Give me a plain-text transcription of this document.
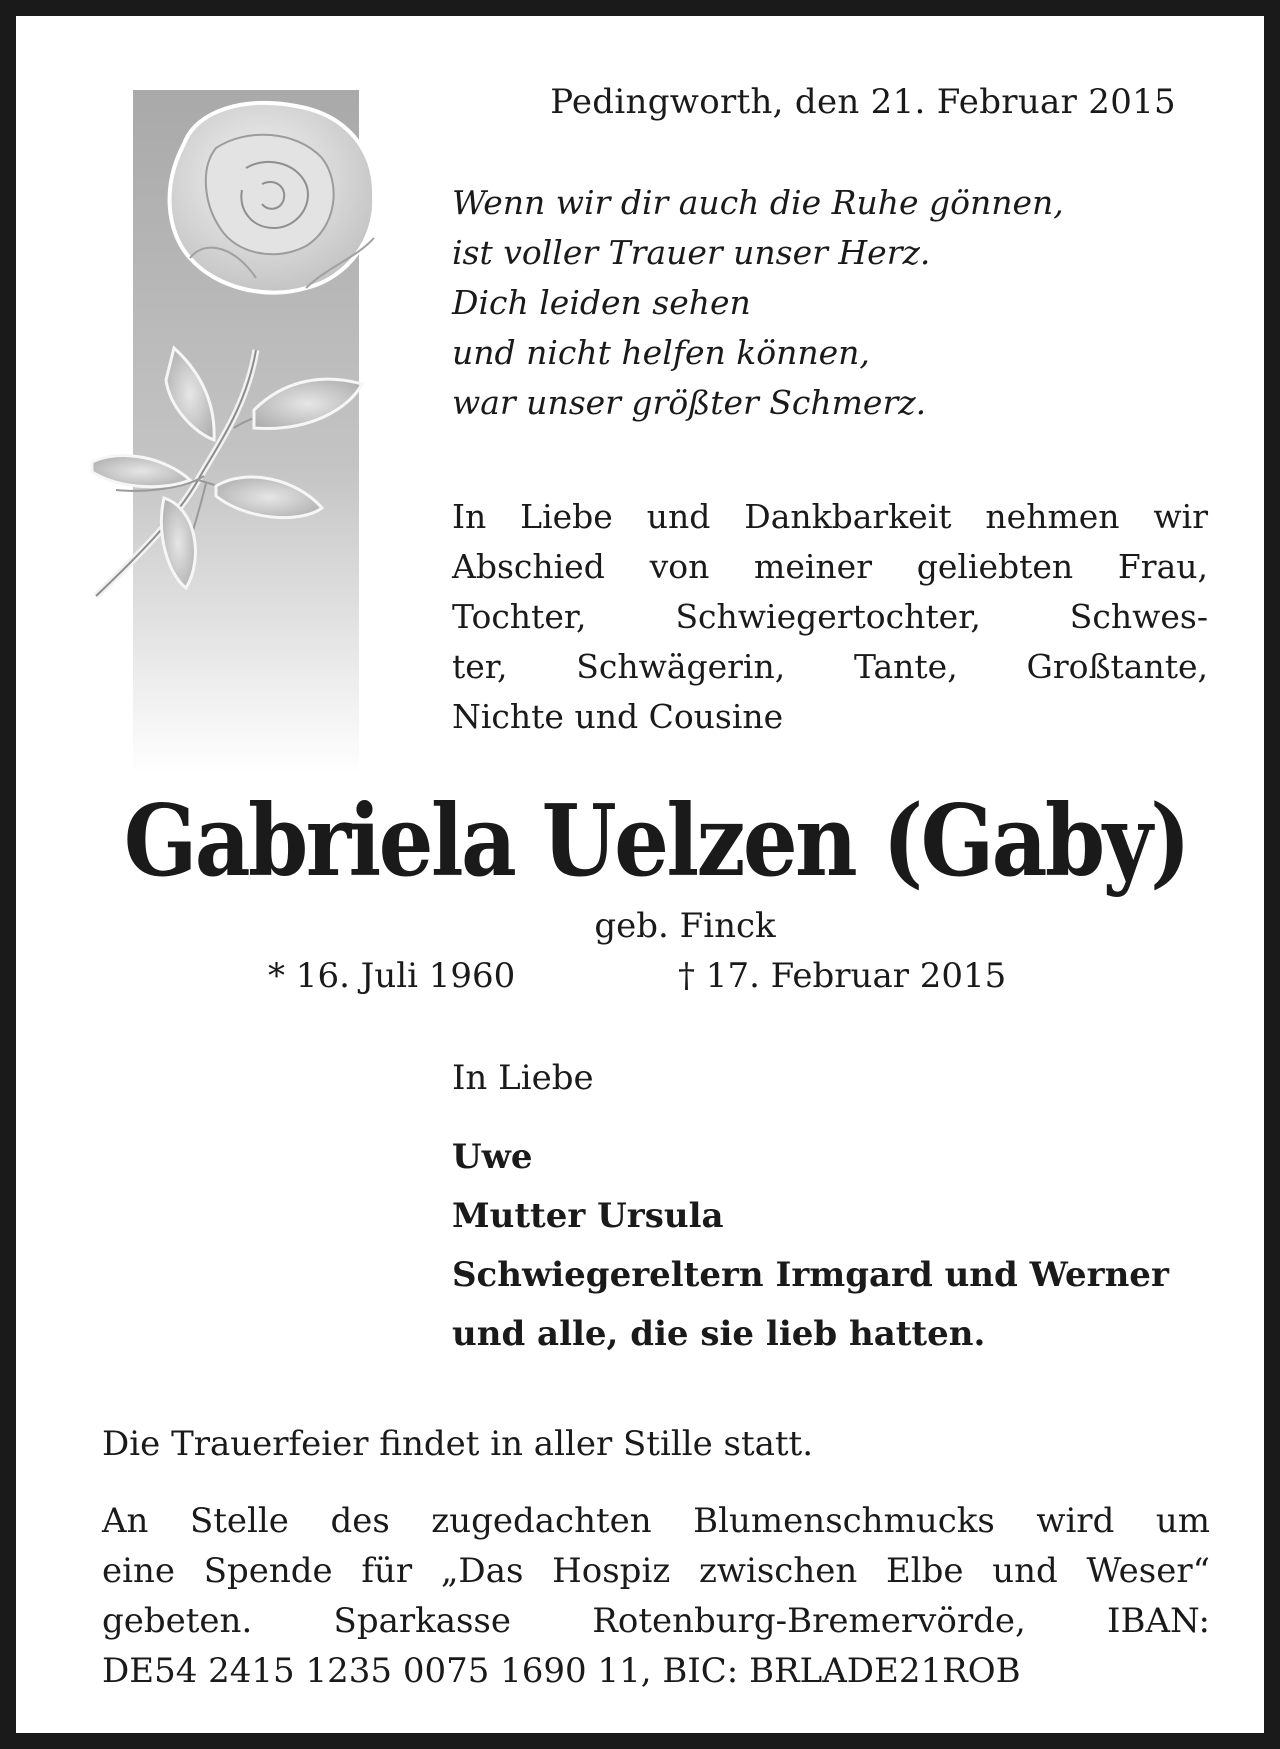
Pedingworth, den 21. Februar 2015
Wenn wir dir auch die Ruhe gönnen,
ist voller Trauer unser Herz.
Dich leiden sehen
und nicht helfen können,
war unser größter Schmerz.
In Liebe und Dankbarkeit nehmen wir
Abschied von meiner geliebten Frau,
Tochter, Schwiegertochter, Schwes-
ter, Schwägerin, Tante, Großtante,
Nichte und Cousine
Gabriela Uelzen (Gaby)
geb. Finck
* 16. Juli 1960	† 17. Februar 2015
In Liebe
Uwe
Mutter Ursula
Schwiegereltern Irmgard und Werner
und alle, die sie lieb hatten.
Die Trauerfeier findet in aller Stille statt.
An Stelle des zugedachten Blumenschmucks wird um
eine Spende für „Das Hospiz zwischen Elbe und Weser“
gebeten. Sparkasse Rotenburg-Bremervörde, IBAN:
DE54 2415 1235 0075 1690 11, BIC: BRLADE21ROB
